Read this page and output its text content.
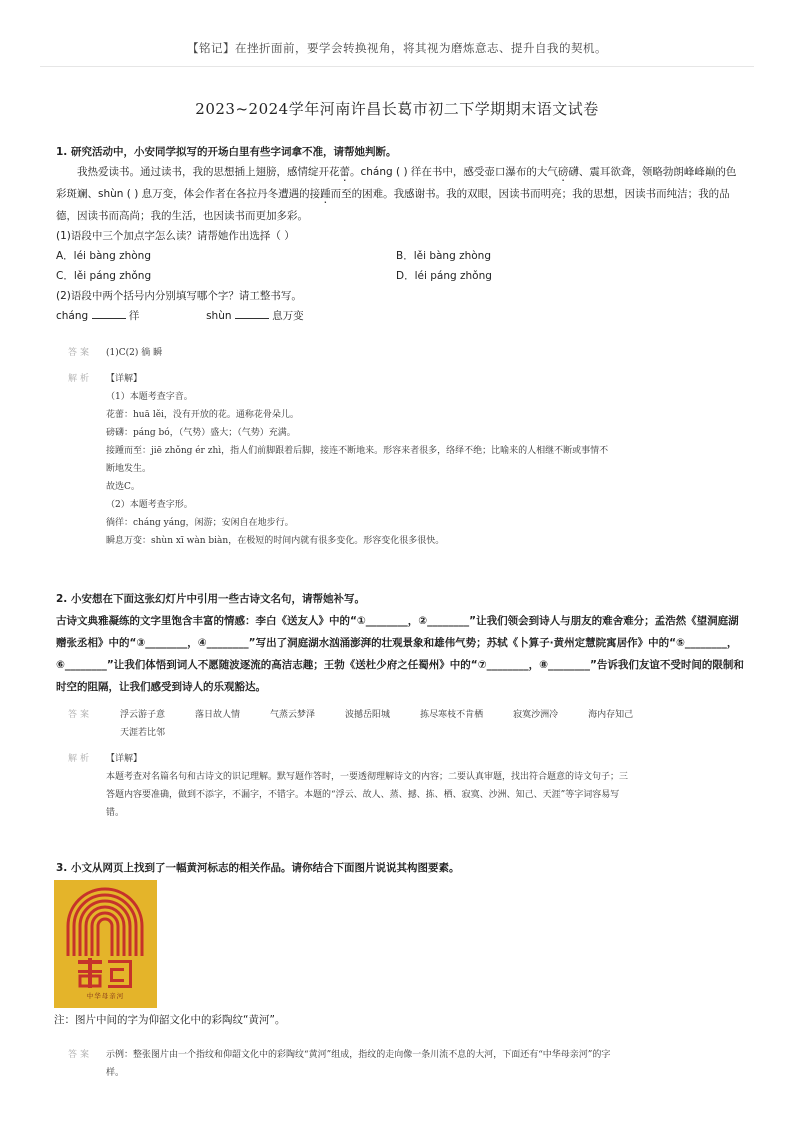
【铭记】在挫折面前，要学会转换视角，将其视为磨炼意志、提升自我的契机。
2023~2024学年河南许昌长葛市初二下学期期末语文试卷
1. 研究活动中，小安同学拟写的开场白里有些字词拿不准，请帮她判断。
我热爱读书。通过读书，我的思想插上翅膀，感情绽开花蕾。cháng ( ) 徉在书中，感受壶口瀑布的大气磅礴、震耳欲聋，领略勃朗峰峰巅的色彩斑斓、shùn ( ) 息万变，体会作者在各拉丹冬遭遇的接踵而至的困难。我感谢书。我的双眼，因读书而明亮；我的思想，因读书而纯洁；我的品德，因读书而高尚；我的生活，也因读书而更加多彩。
(1)语段中三个加点字怎么读？请帮她作出选择（ ）
A．léi bàng zhòng	B．lěi bàng zhòng
C．lěi páng zhǒng	D．léi páng zhǒng
(2)语段中两个括号内分别填写哪个字？请工整书写。
cháng	徉	shùn	息万变
答案 (1)C(2) 徜 瞬
解析 【详解】
（1）本题考查字音。
花蕾：huā lěi，没有开放的花。通称花骨朵儿。
磅礴：páng bó，（气势）盛大；（气势）充满。
接踵而至：jiē zhǒng ér zhì，指人们前脚跟着后脚，接连不断地来。形容来者很多，络绎不绝；比喻来的人相继不断或事情不
断地发生。
故选C。
（2）本题考查字形。
徜徉：cháng yáng，闲游；安闲自在地步行。
瞬息万变：shùn xī wàn biàn，在极短的时间内就有很多变化。形容变化很多很快。
2. 小安想在下面这张幻灯片中引用一些古诗文名句，请帮她补写。
古诗文典雅凝练的文字里饱含丰富的情感：李白《送友人》中的“①________，②________”让我们领会到诗人与朋友的难舍难分；孟浩然《望洞庭湖赠张丞相》中的“③________，④________”写出了洞庭湖水汹涌澎湃的壮观景象和雄伟气势；苏轼《卜算子·黄州定慧院寓居作》中的“⑤________，⑥________”让我们体悟到词人不愿随波逐流的高洁志趣；王勃《送杜少府之任蜀州》中的“⑦________，⑧________”告诉我们友谊不受时间的限制和时空的阻隔，让我们感受到诗人的乐观豁达。
答案	浮云游子意	落日故人情	气蒸云梦泽	波撼岳阳城	拣尽寒枝不肯栖	寂寞沙洲冷	海内存知己
天涯若比邻
解析 【详解】
本题考查对名篇名句和古诗文的识记理解。默写题作答时，一要透彻理解诗文的内容；二要认真审题，找出符合题意的诗文句子；三
答题内容要准确，做到不添字，不漏字，不错字。本题的“浮云、故人、蒸、撼、拣、栖、寂寞、沙洲、知己、天涯”等字词容易写
错。
3. 小文从网页上找到了一幅黄河标志的相关作品。请你结合下面图片说说其构图要素。
中华母亲河
注：图片中间的字为仰韶文化中的彩陶纹“黄河”。
答案 示例：整张图片由一个指纹和仰韶文化中的彩陶纹“黄河”组成，指纹的走向像一条川流不息的大河，下面还有“中华母亲河”的字
样。
